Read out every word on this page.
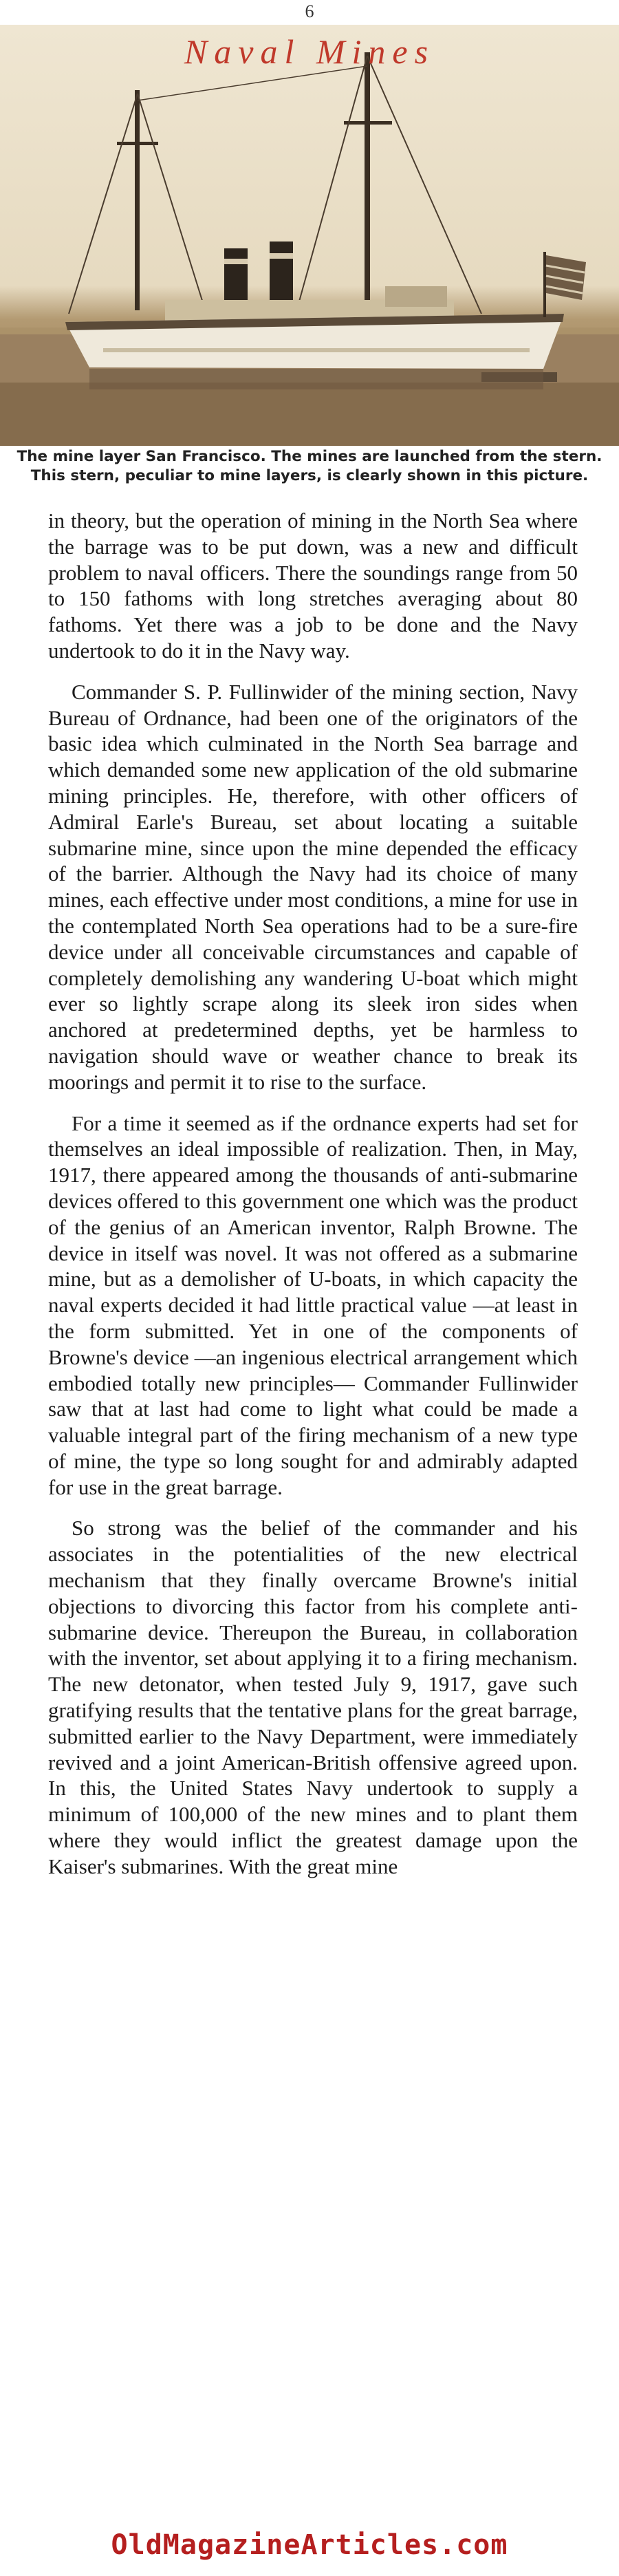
6
Naval Mines
The mine layer San Francisco. The mines are launched from the stern. This stern, peculiar to mine layers, is clearly shown in this picture.

in theory, but the operation of mining in the North Sea where the barrage was to be put down, was a new and difficult problem to naval officers. There the soundings range from 50 to 150 fathoms with long stretches averaging about 80 fathoms. Yet there was a job to be done and the Navy undertook to do it in the Navy way.

Commander S. P. Fullinwider of the mining section, Navy Bureau of Ordnance, had been one of the originators of the basic idea which culminated in the North Sea barrage and which demanded some new application of the old submarine mining principles. He, therefore, with other officers of Admiral Earle's Bureau, set about locating a suitable submarine mine, since upon the mine depended the efficacy of the barrier. Although the Navy had its choice of many mines, each effective under most conditions, a mine for use in the contemplated North Sea operations had to be a sure-fire device under all conceivable circumstances and capable of completely demolishing any wandering U-boat which might ever so lightly scrape along its sleek iron sides when anchored at predetermined depths, yet be harmless to navigation should wave or weather chance to break its moorings and permit it to rise to the surface.

For a time it seemed as if the ordnance experts had set for themselves an ideal impossible of realization. Then, in May, 1917, there appeared among the thousands of anti-submarine devices offered to this government one which was the product of the genius of an American inventor, Ralph Browne. The device in itself was novel. It was not offered as a submarine mine, but as a demolisher of U-boats, in which capacity the naval experts decided it had little practical value —at least in the form submitted. Yet in one of the components of Browne's device —an ingenious electrical arrangement which embodied totally new principles— Commander Fullinwider saw that at last had come to light what could be made a valuable integral part of the firing mechanism of a new type of mine, the type so long sought for and admirably adapted for use in the great barrage.

So strong was the belief of the commander and his associates in the potentialities of the new electrical mechanism that they finally overcame Browne's initial objections to divorcing this factor from his complete anti-submarine device. Thereupon the Bureau, in collaboration with the inventor, set about applying it to a firing mechanism. The new detonator, when tested July 9, 1917, gave such gratifying results that the tentative plans for the great barrage, submitted earlier to the Navy Department, were immediately revived and a joint American-British offensive agreed upon. In this, the United States Navy undertook to supply a minimum of 100,000 of the new mines and to plant them where they would inflict the greatest damage upon the Kaiser's submarines. With the great mine

OldMagazineArticles.com
